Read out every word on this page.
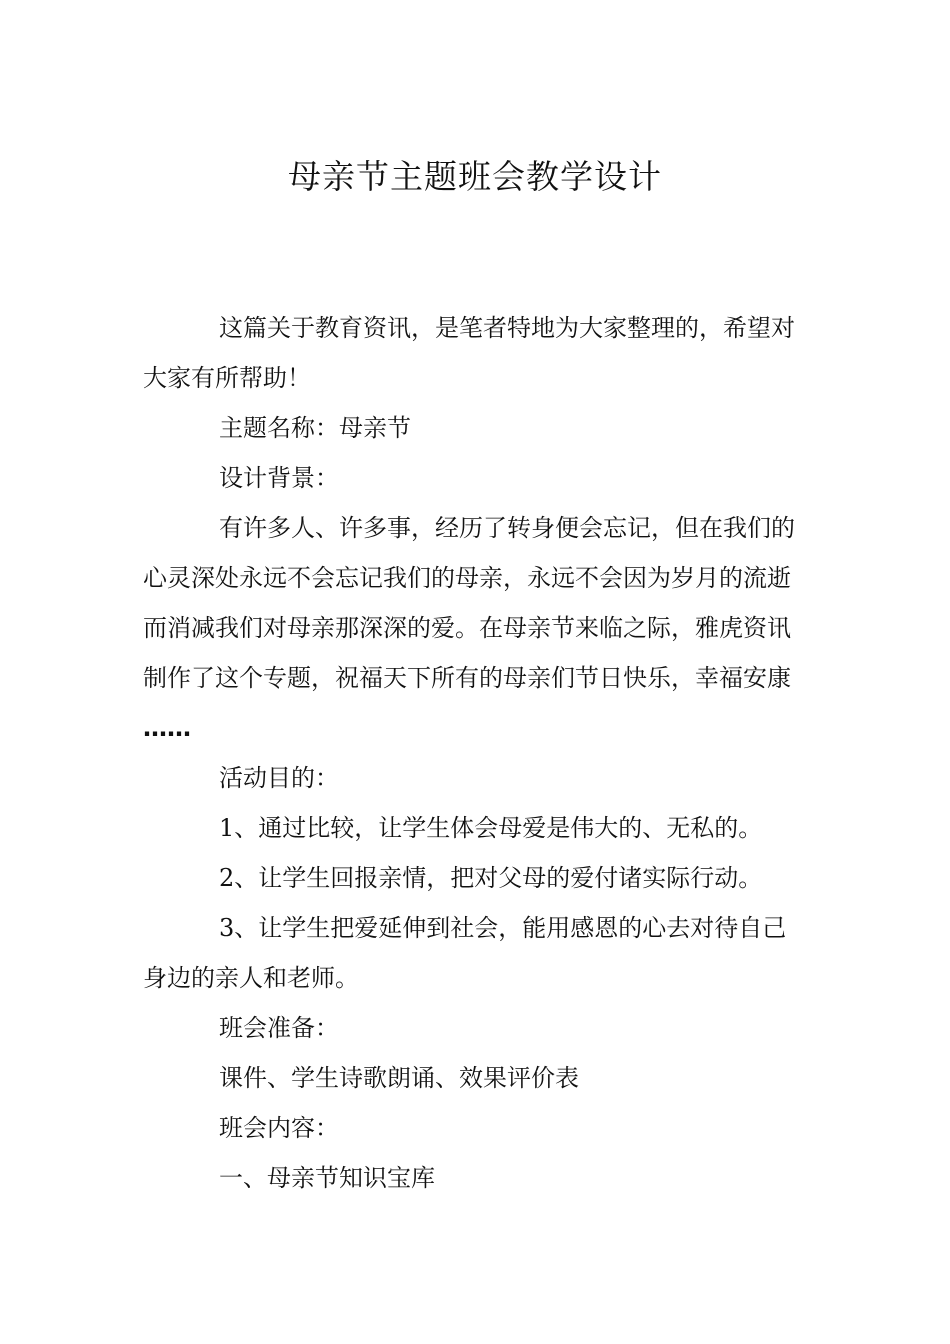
母亲节主题班会教学设计

这篇关于教育资讯，是笔者特地为大家整理的，希望对

大家有所帮助！

主题名称：母亲节

设计背景：

有许多人、许多事，经历了转身便会忘记，但在我们的

心灵深处永远不会忘记我们的母亲，永远不会因为岁月的流逝

而消减我们对母亲那深深的爱。在母亲节来临之际，雅虎资讯

制作了这个专题，祝福天下所有的母亲们节日快乐，幸福安康

……

活动目的：

1、通过比较，让学生体会母爱是伟大的、无私的。

2、让学生回报亲情，把对父母的爱付诸实际行动。

3、让学生把爱延伸到社会，能用感恩的心去对待自己

身边的亲人和老师。

班会准备：

课件、学生诗歌朗诵、效果评价表

班会内容：

一、母亲节知识宝库
